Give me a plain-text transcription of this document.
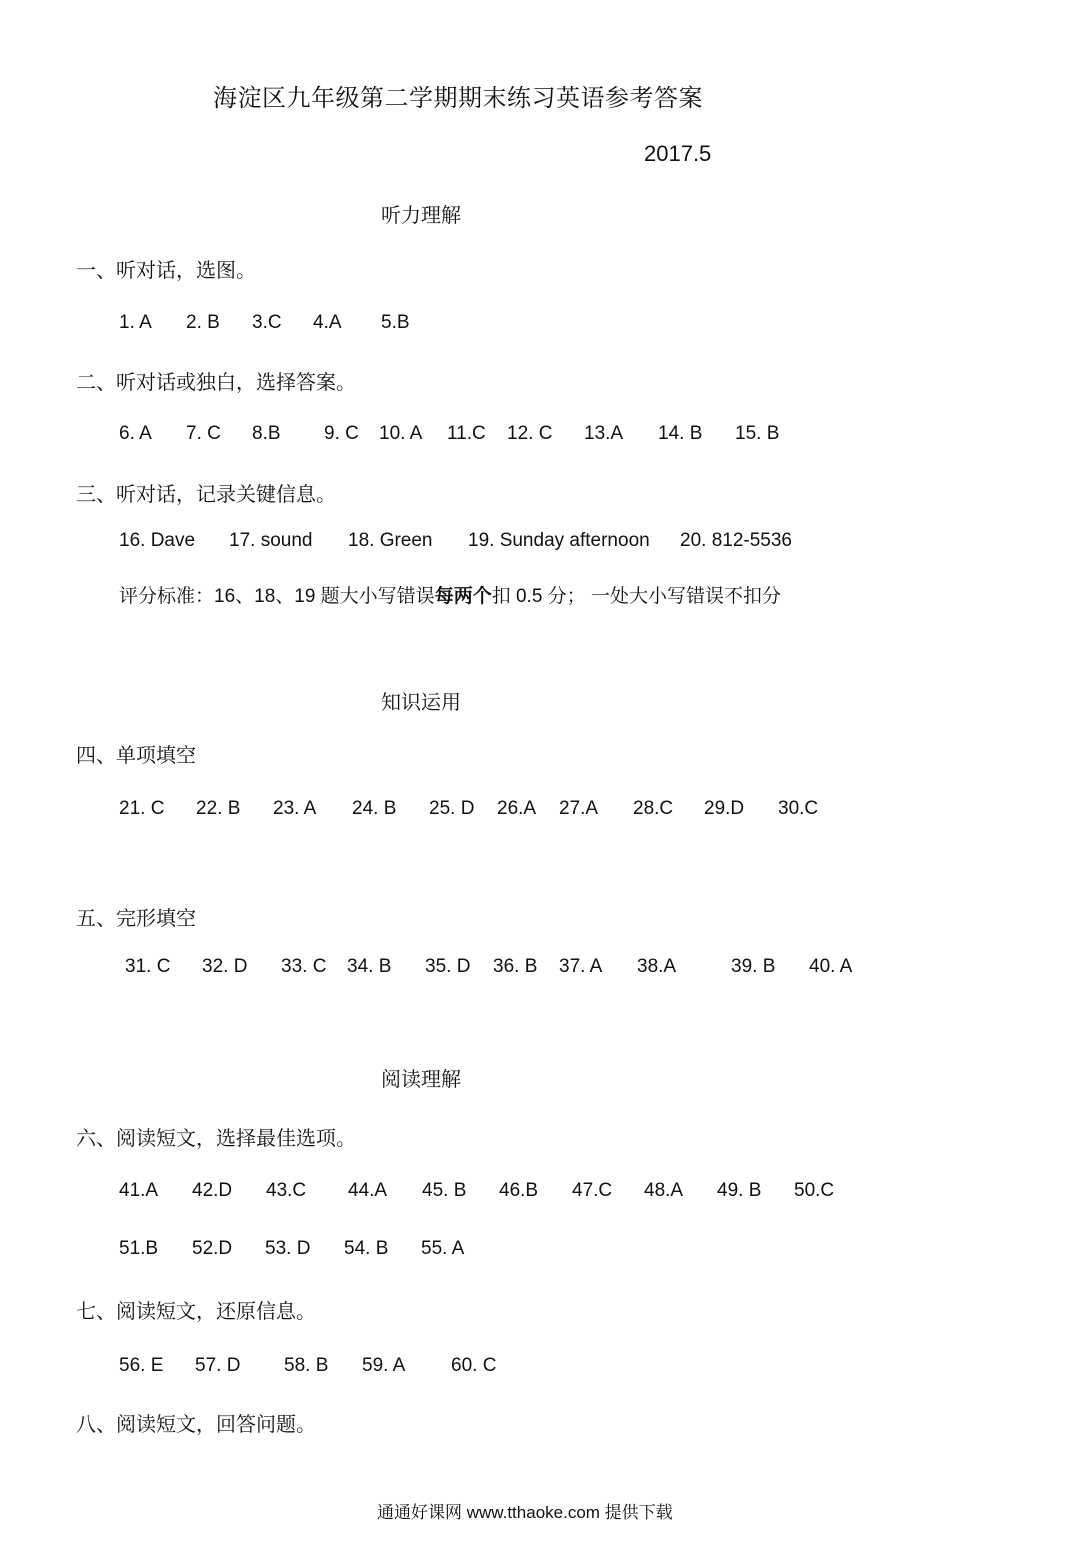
海淀区九年级第二学期期末练习英语参考答案
2017.5
听力理解
一、听对话，选图。
1. A 2. B 3.C 4.A 5.B
二、听对话或独白，选择答案。
6. A 7. C 8.B 9. C 10. A 11.C 12. C 13.A 14. B 15. B
三、听对话，记录关键信息。
16. Dave 17. sound 18. Green 19. Sunday afternoon 20. 812-5536
评分标准：16、18、19 题大小写错误每两个扣 0.5 分； 一处大小写错误不扣分
知识运用
四、单项填空
21. C 22. B 23. A 24. B 25. D 26.A 27.A 28.C 29.D 30.C
五、完形填空
31. C 32. D 33. C 34. B 35. D 36. B 37. A 38.A	39. B 40. A
阅读理解
六、阅读短文，选择最佳选项。
41.A 42.D 43.C 44.A 45. B 46.B 47.C 48.A 49. B 50.C
51.B 52.D 53. D 54. B 55. A
七、阅读短文，还原信息。
56. E 57. D 58. B 59. A 60. C
八、阅读短文，回答问题。
通通好课网 www.tthaoke.com 提供下载
